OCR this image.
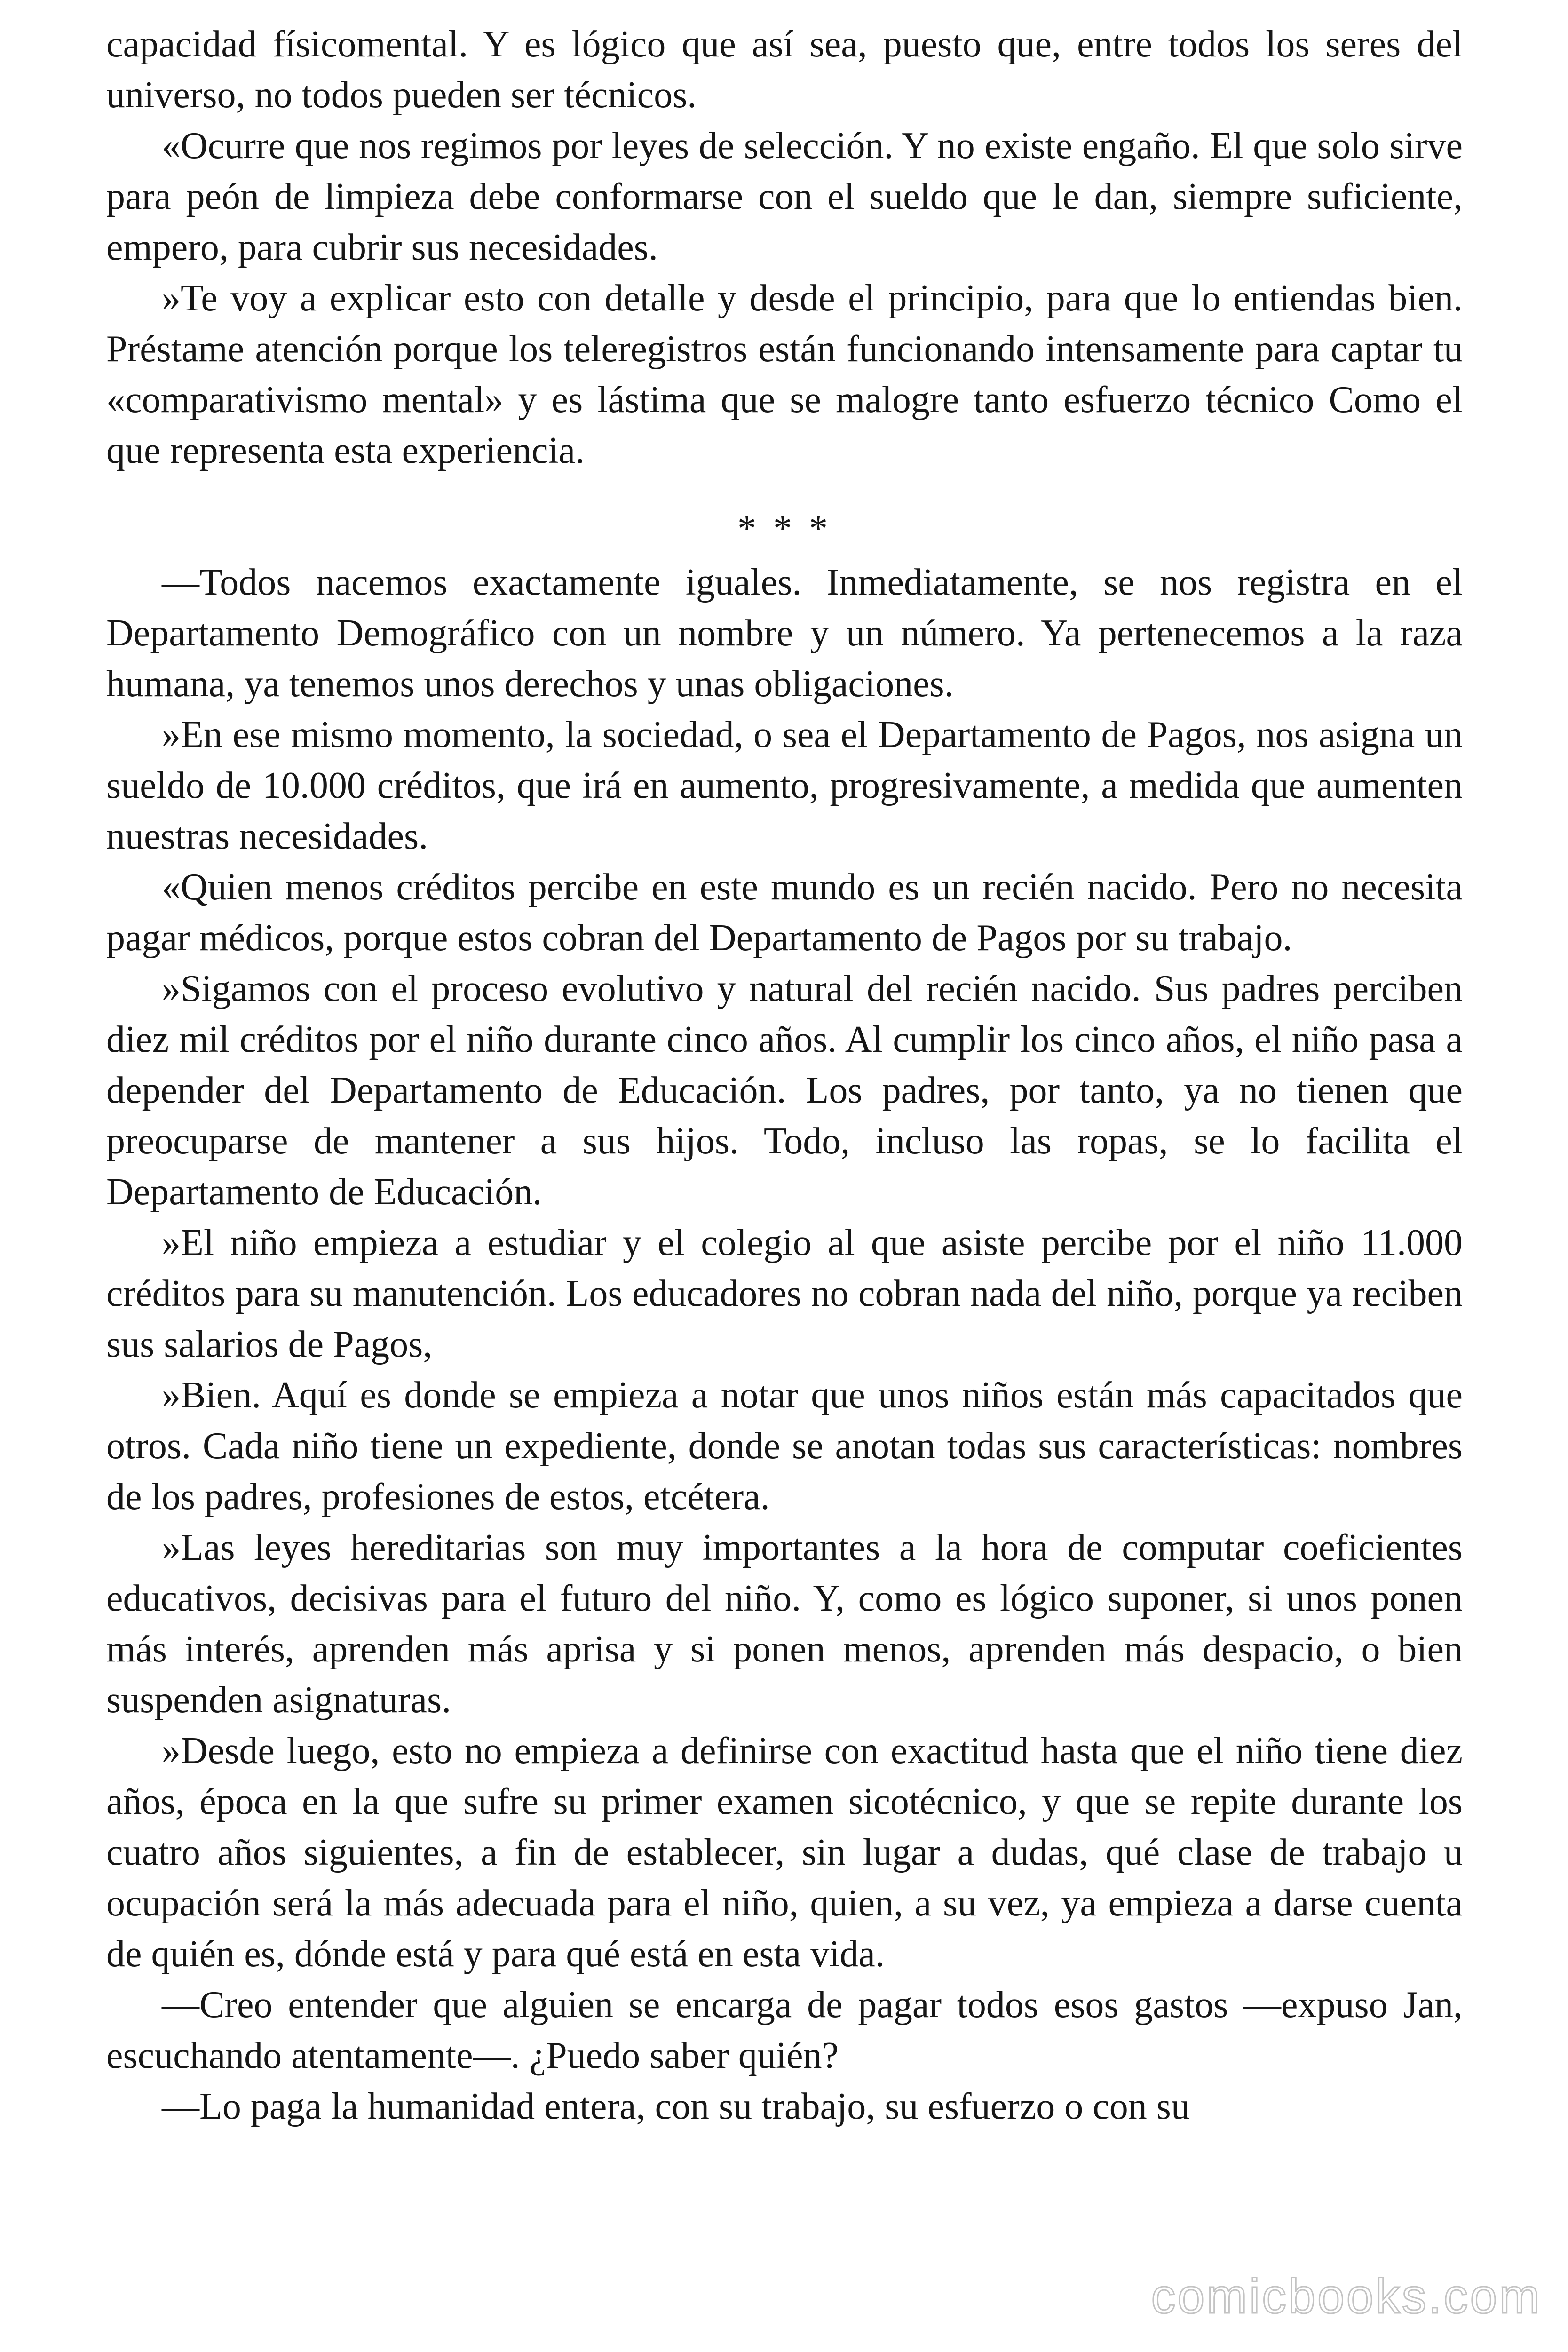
capacidad físicomental. Y es lógico que así sea, puesto que, entre todos los seres del universo, no todos pueden ser técnicos.

«Ocurre que nos regimos por leyes de selección. Y no existe engaño. El que solo sirve para peón de limpieza debe conformarse con el sueldo que le dan, siempre suficiente, empero, para cubrir sus necesidades.

»Te voy a explicar esto con detalle y desde el principio, para que lo entiendas bien. Préstame atención porque los teleregistros están funcionando intensamente para captar tu «comparativismo mental» y es lástima que se malogre tanto esfuerzo técnico Como el que representa esta experiencia.

* * *

—Todos nacemos exactamente iguales. Inmediatamente, se nos registra en el Departamento Demográfico con un nombre y un número. Ya pertenecemos a la raza humana, ya tenemos unos derechos y unas obligaciones.

»En ese mismo momento, la sociedad, o sea el Departamento de Pagos, nos asigna un sueldo de 10.000 créditos, que irá en aumento, progresivamente, a medida que aumenten nuestras necesidades.

«Quien menos créditos percibe en este mundo es un recién nacido. Pero no necesita pagar médicos, porque estos cobran del Departamento de Pagos por su trabajo.

»Sigamos con el proceso evolutivo y natural del recién nacido. Sus padres perciben diez mil créditos por el niño durante cinco años. Al cumplir los cinco años, el niño pasa a depender del Departamento de Educación. Los padres, por tanto, ya no tienen que preocuparse de mantener a sus hijos. Todo, incluso las ropas, se lo facilita el Departamento de Educación.

»El niño empieza a estudiar y el colegio al que asiste percibe por el niño 11.000 créditos para su manutención. Los educadores no cobran nada del niño, porque ya reciben sus salarios de Pagos,

»Bien. Aquí es donde se empieza a notar que unos niños están más capacitados que otros. Cada niño tiene un expediente, donde se anotan todas sus características: nombres de los padres, profesiones de estos, etcétera.

»Las leyes hereditarias son muy importantes a la hora de computar coeficientes educativos, decisivas para el futuro del niño. Y, como es lógico suponer, si unos ponen más interés, aprenden más aprisa y si ponen menos, aprenden más despacio, o bien suspenden asignaturas.

»Desde luego, esto no empieza a definirse con exactitud hasta que el niño tiene diez años, época en la que sufre su primer examen sicotécnico, y que se repite durante los cuatro años siguientes, a fin de establecer, sin lugar a dudas, qué clase de trabajo u ocupación será la más adecuada para el niño, quien, a su vez, ya empieza a darse cuenta de quién es, dónde está y para qué está en esta vida.

—Creo entender que alguien se encarga de pagar todos esos gastos —expuso Jan, escuchando atentamente—. ¿Puedo saber quién?

—Lo paga la humanidad entera, con su trabajo, su esfuerzo o con su

comicbooks.com
